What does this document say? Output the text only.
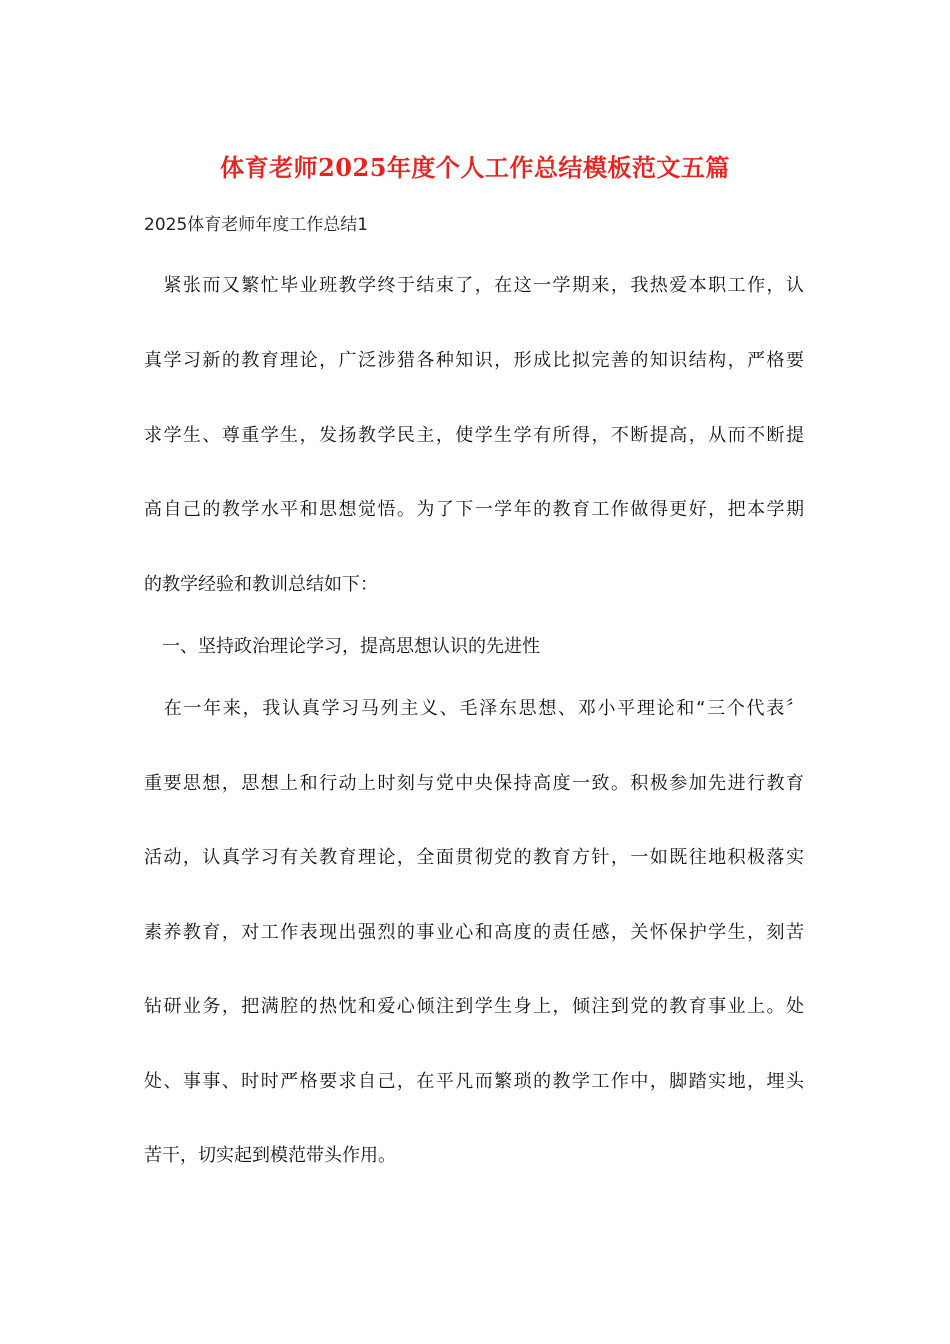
体育老师2025年度个人工作总结模板范文五篇
2025体育老师年度工作总结1
　紧张而又繁忙毕业班教学终于结束了，在这一学期来，我热爱本职工作，认
真学习新的教育理论，广泛涉猎各种知识，形成比拟完善的知识结构，严格要
求学生、尊重学生，发扬教学民主，使学生学有所得，不断提高，从而不断提
高自己的教学水平和思想觉悟。为了下一学年的教育工作做得更好，把本学期
的教学经验和教训总结如下：
　一、坚持政治理论学习，提高思想认识的先进性
　在一年来，我认真学习马列主义、毛泽东思想、邓小平理论和“三个代表〞
重要思想，思想上和行动上时刻与党中央保持高度一致。积极参加先进行教育
活动，认真学习有关教育理论，全面贯彻党的教育方针，一如既往地积极落实
素养教育，对工作表现出强烈的事业心和高度的责任感，关怀保护学生，刻苦
钻研业务，把满腔的热忱和爱心倾注到学生身上，倾注到党的教育事业上。处
处、事事、时时严格要求自己，在平凡而繁琐的教学工作中，脚踏实地，埋头
苦干，切实起到模范带头作用。
